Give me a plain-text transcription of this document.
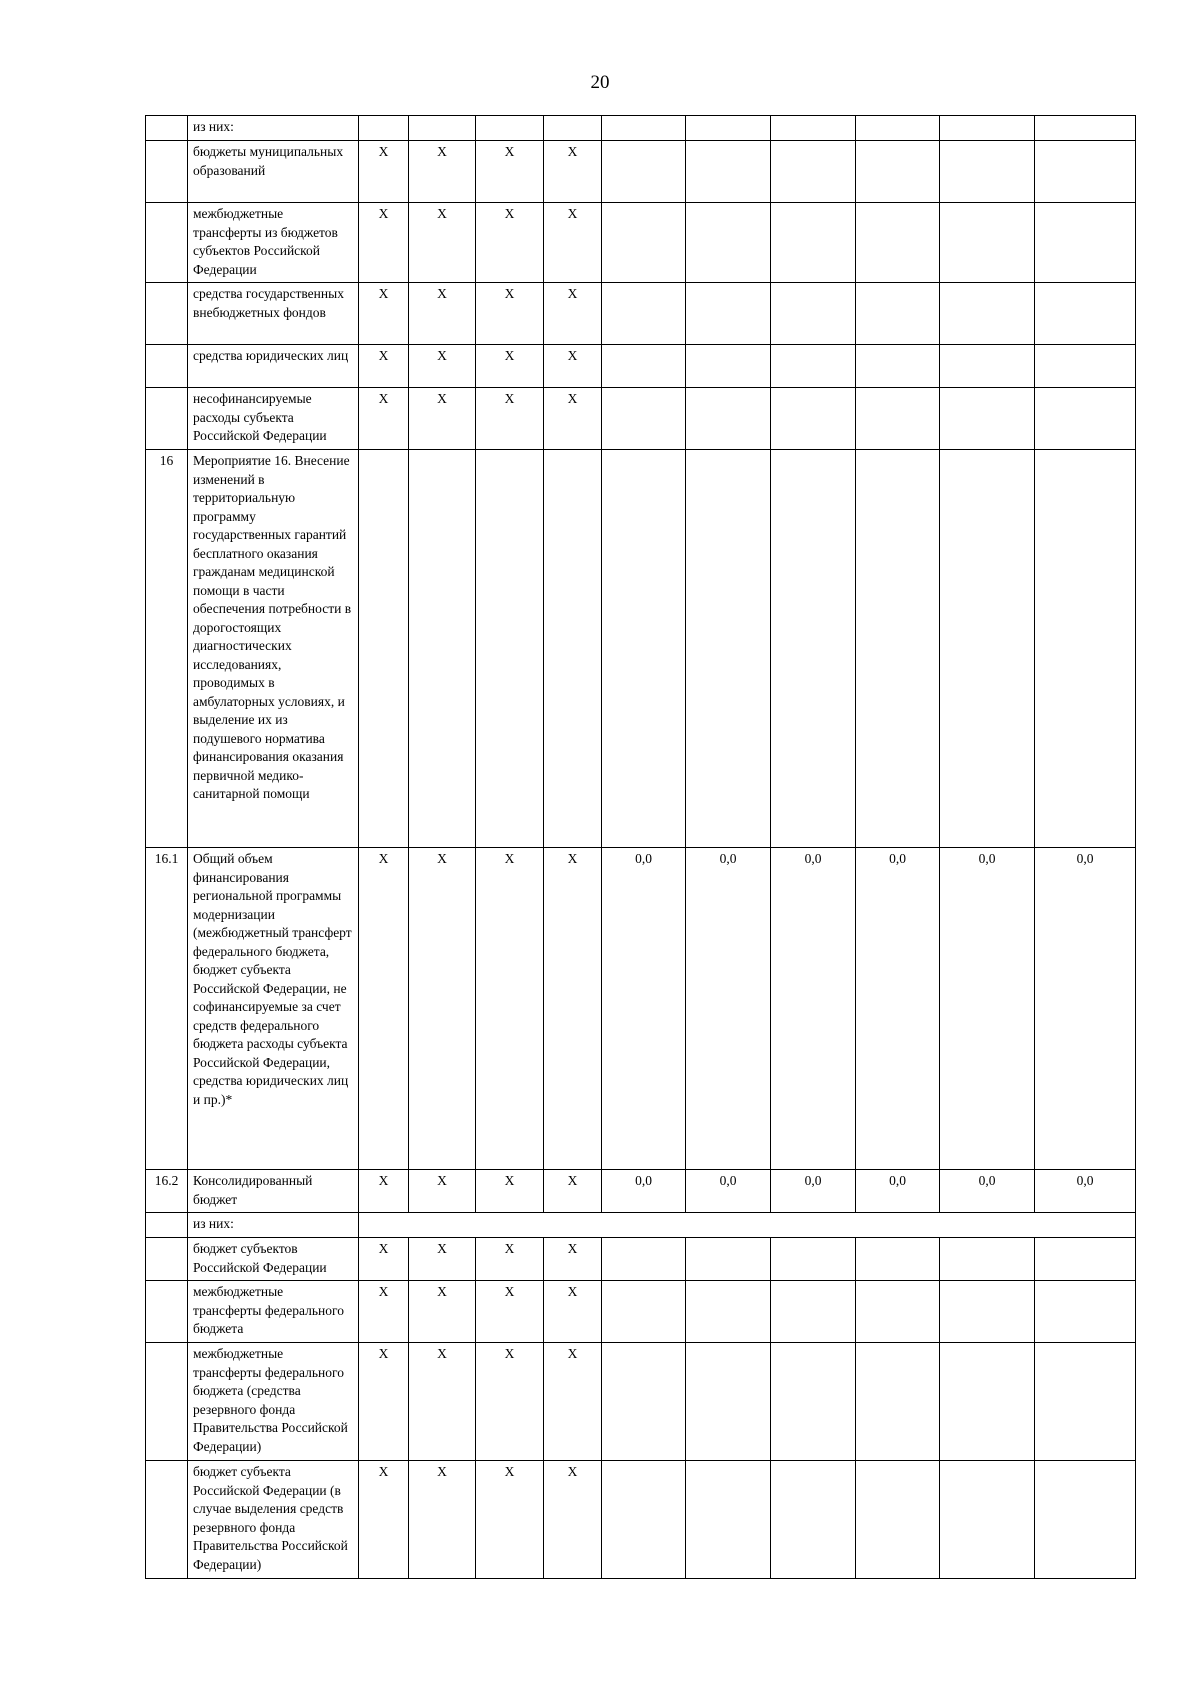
20
	из них:										
	бюджеты муниципальных образований	Х	Х	Х	Х						
	межбюджетные трансферты из бюджетов субъектов Российской Федерации	Х	Х	Х	Х						
	средства государственных внебюджетных фондов	Х	Х	Х	Х						
	средства юридических лиц	Х	Х	Х	Х						
	несофинансируемые расходы субъекта Российской Федерации	Х	Х	Х	Х						
16	Мероприятие 16. Внесение изменений в территориальную программу государственных гарантий бесплатного оказания гражданам медицинской помощи в части обеспечения потребности в дорогостоящих диагностических исследованиях, проводимых в амбулаторных условиях, и выделение их из подушевого норматива финансирования оказания первичной медико-санитарной помощи										
16.1	Общий объем финансирования региональной программы модернизации (межбюджетный трансферт федерального бюджета, бюджет субъекта Российской Федерации, не софинансируемые за счет средств федерального бюджета расходы субъекта Российской Федерации, средства юридических лиц и пр.)*	Х	Х	Х	Х	0,0	0,0	0,0	0,0	0,0	0,0
16.2	Консолидированный бюджет	Х	Х	Х	Х	0,0	0,0	0,0	0,0	0,0	0,0
	из них:										
	бюджет субъектов Российской Федерации	Х	Х	Х	Х						
	межбюджетные трансферты федерального бюджета	Х	Х	Х	Х						
	межбюджетные трансферты федерального бюджета (средства резервного фонда Правительства Российской Федерации)	Х	Х	Х	Х						
	бюджет субъекта Российской Федерации (в случае выделения средств резервного фонда Правительства Российской Федерации)	Х	Х	Х	Х						
